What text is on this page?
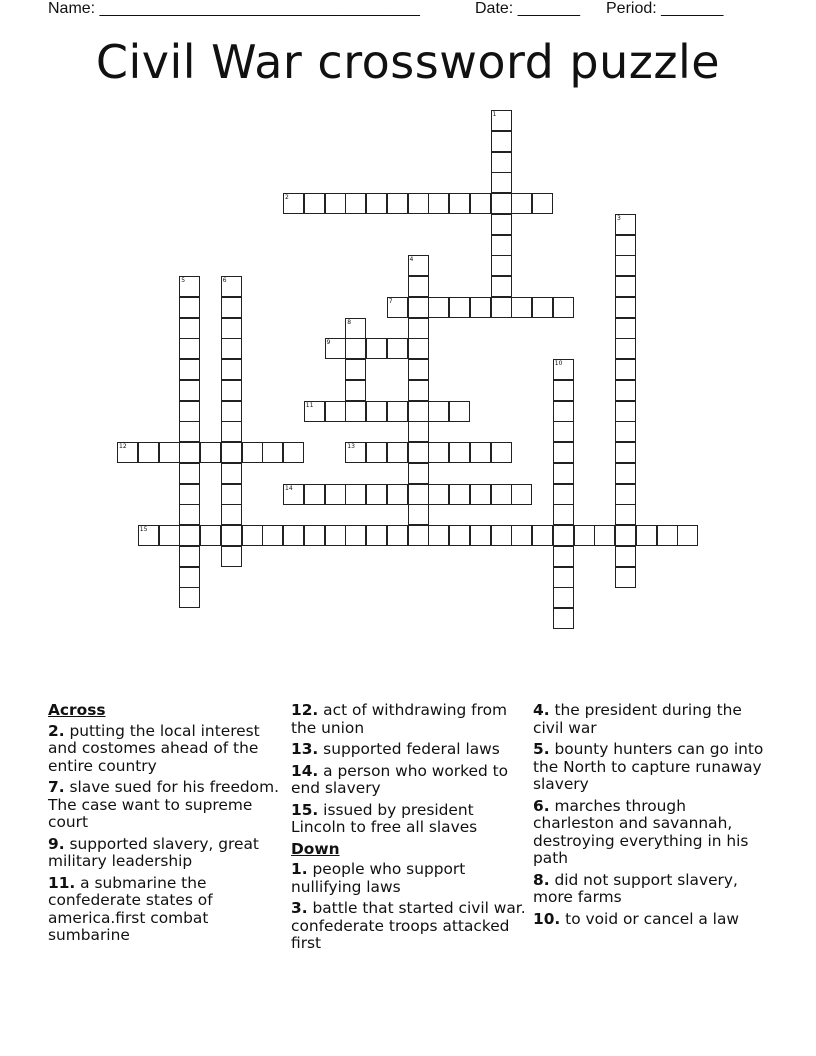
Name: ____________________________________	Date: _______ Period: _______
Civil War crossword puzzle
1
2
3
4
5	6
7
8
9
10
11
12	13
14
15
Across
2. putting the local interest and costomes ahead of the entire country
7. slave sued for his freedom. The case want to supreme court
9. supported slavery, great military leadership
11. a submarine the confederate states of america.first combat sumbarine
12. act of withdrawing from the union
13. supported federal laws
14. a person who worked to end slavery
15. issued by president Lincoln to free all slaves
Down
1. people who support nullifying laws
3. battle that started civil war. confederate troops attacked first
4. the president during the civil war
5. bounty hunters can go into the North to capture runaway slavery
6. marches through charleston and savannah, destroying everything in his path
8. did not support slavery, more farms
10. to void or cancel a law
